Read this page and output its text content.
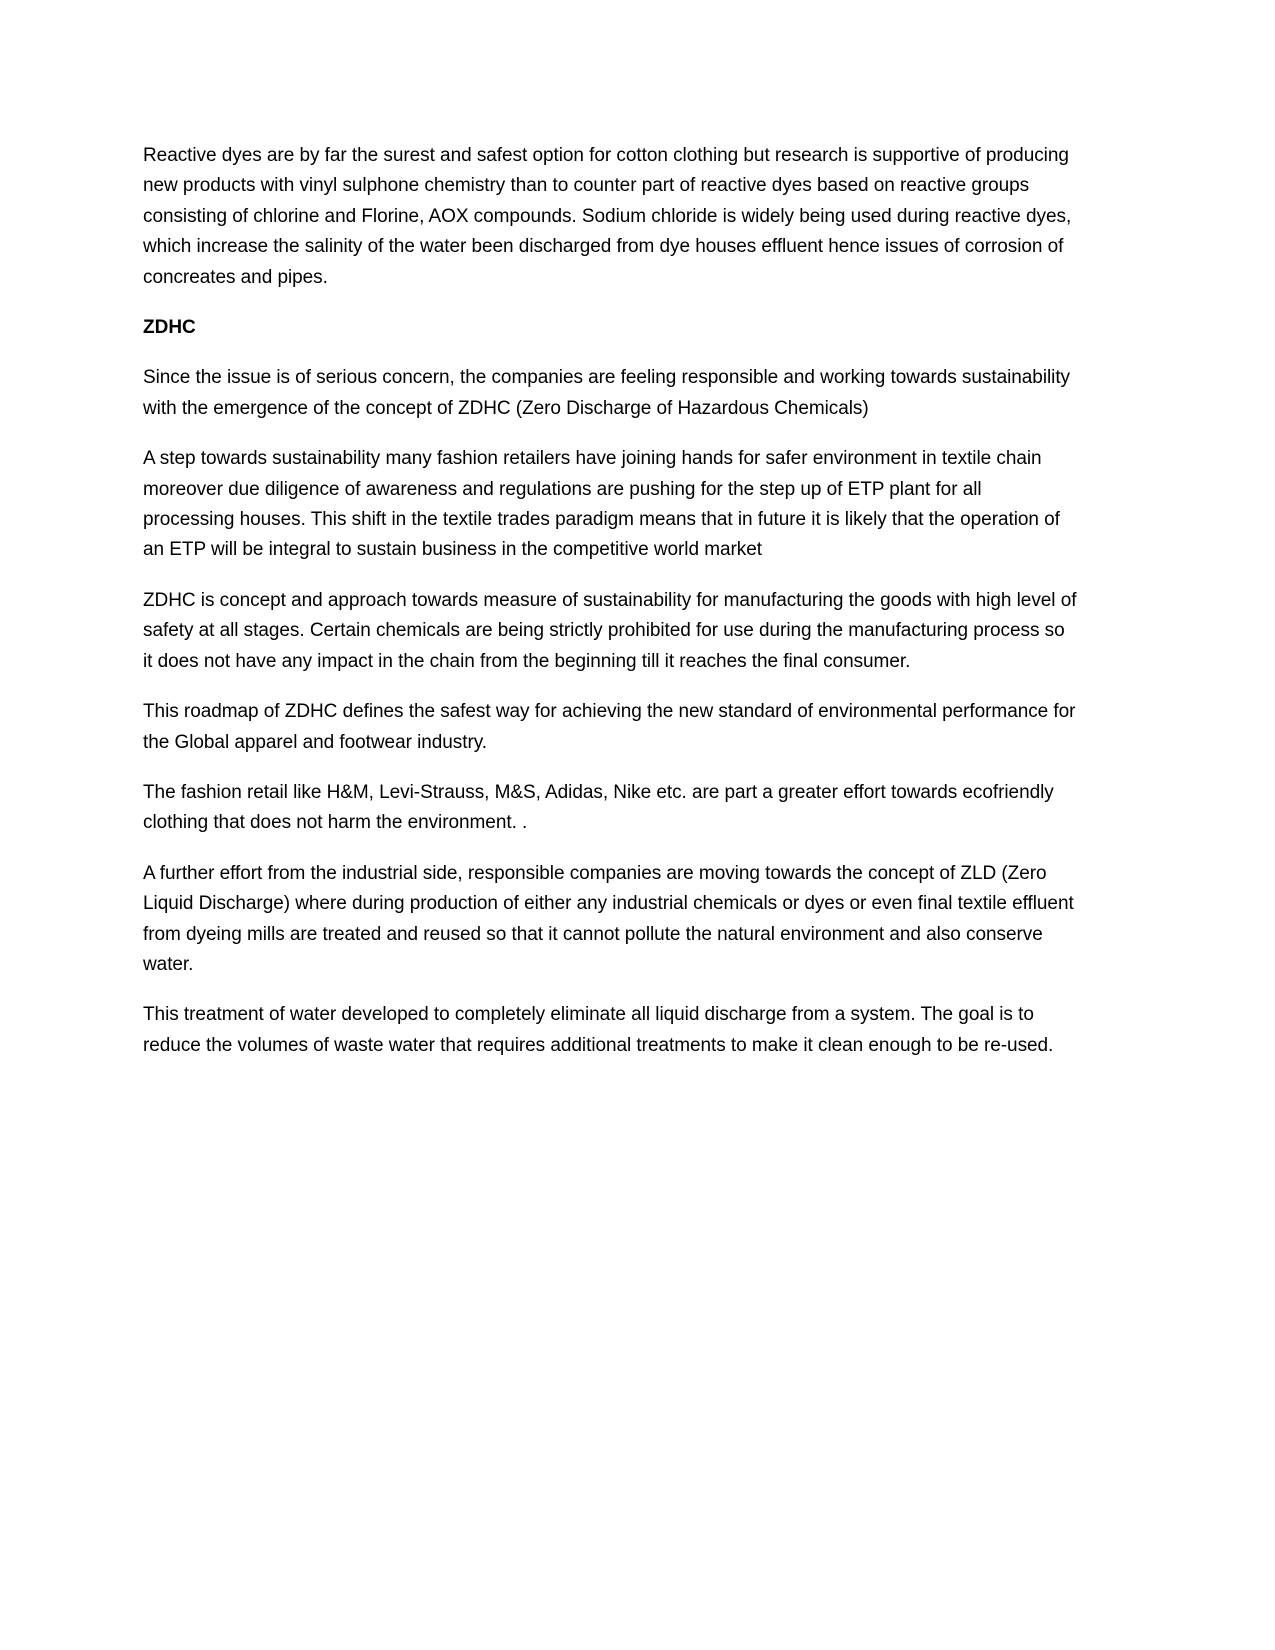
Reactive dyes are by far the surest and safest option for cotton clothing but research is supportive of producing new products with vinyl sulphone chemistry than to counter part of reactive dyes based on reactive groups consisting of chlorine and Florine, AOX compounds. Sodium chloride is widely being used during reactive dyes, which increase the salinity of the water been discharged from dye houses effluent hence issues of corrosion of concreates and pipes.

ZDHC

Since the issue is of serious concern, the companies are feeling responsible and working towards sustainability with the emergence of the concept of ZDHC (Zero Discharge of Hazardous Chemicals)

A step towards sustainability many fashion retailers have joining hands for safer environment in textile chain moreover due diligence of awareness and regulations are pushing for the step up of ETP plant for all processing houses. This shift in the textile trades paradigm means that in future it is likely that the operation of an ETP will be integral to sustain business in the competitive world market

ZDHC is concept and approach towards measure of sustainability for manufacturing the goods with high level of safety at all stages. Certain chemicals are being strictly prohibited for use during the manufacturing process so it does not have any impact in the chain from the beginning till it reaches the final consumer.

This roadmap of ZDHC defines the safest way for achieving the new standard of environmental performance for the Global apparel and footwear industry.

The fashion retail like H&M, Levi-Strauss, M&S, Adidas, Nike etc. are part a greater effort towards ecofriendly clothing that does not harm the environment. .

A further effort from the industrial side, responsible companies are moving towards the concept of ZLD (Zero Liquid Discharge) where during production of either any industrial chemicals or dyes or even final textile effluent from dyeing mills are treated and reused so that it cannot pollute the natural environment and also conserve water.

This treatment of water developed to completely eliminate all liquid discharge from a system. The goal is to reduce the volumes of waste water that requires additional treatments to make it clean enough to be re-used.
